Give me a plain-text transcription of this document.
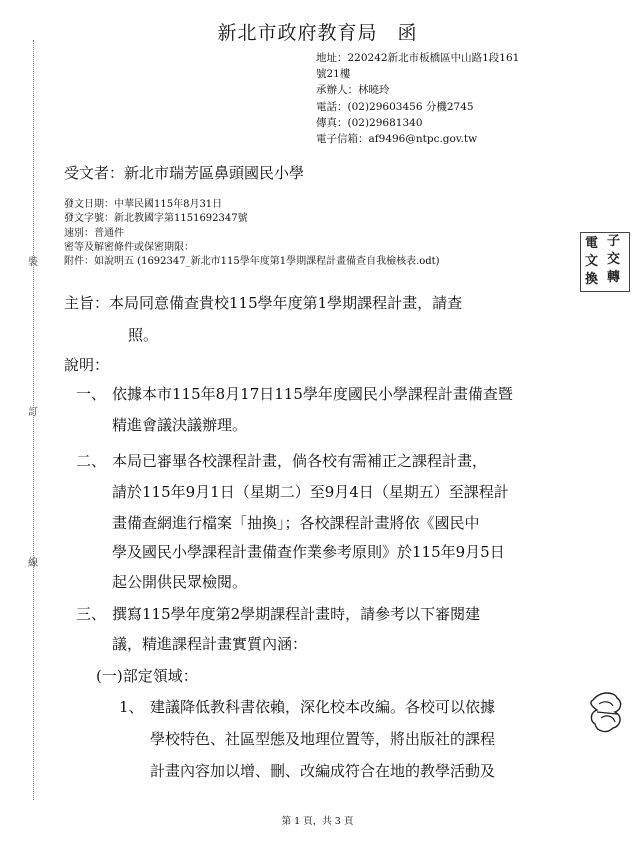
裝
訂
線
新北市政府教育局　函
地址：220242新北市板橋區中山路1段161
號21樓
承辦人：林曉玲
電話：(02)29603456 分機2745
傳真：(02)29681340
電子信箱：af9496@ntpc.gov.tw
受文者：新北市瑞芳區鼻頭國民小學
發文日期：中華民國115年8月31日
發文字號：新北教國字第1151692347號
速別：普通件
密等及解密條件或保密期限：
附件：如說明五 (1692347_新北市115學年度第1學期課程計畫備查自我檢核表.odt)
電 子
文 交
換 轉
主旨：本局同意備查貴校115學年度第1學期課程計畫，請查
照。
說明：
一、 依據本市115年8月17日115學年度國民小學課程計畫備查暨
精進會議決議辦理。
二、 本局已審畢各校課程計畫，倘各校有需補正之課程計畫，
請於115年9月1日（星期二）至9月4日（星期五）至課程計
畫備查網進行檔案「抽換」；各校課程計畫將依《國民中
學及國民小學課程計畫備查作業參考原則》於115年9月5日
起公開供民眾檢閱。
三、 撰寫115學年度第2學期課程計畫時，請參考以下審閱建
議，精進課程計畫實質內涵：
(一)部定領域：
1、 建議降低教科書依賴，深化校本改編。各校可以依據
學校特色、社區型態及地理位置等，將出版社的課程
計畫內容加以增、刪、改編成符合在地的教學活動及
第 1 頁，共 3 頁
